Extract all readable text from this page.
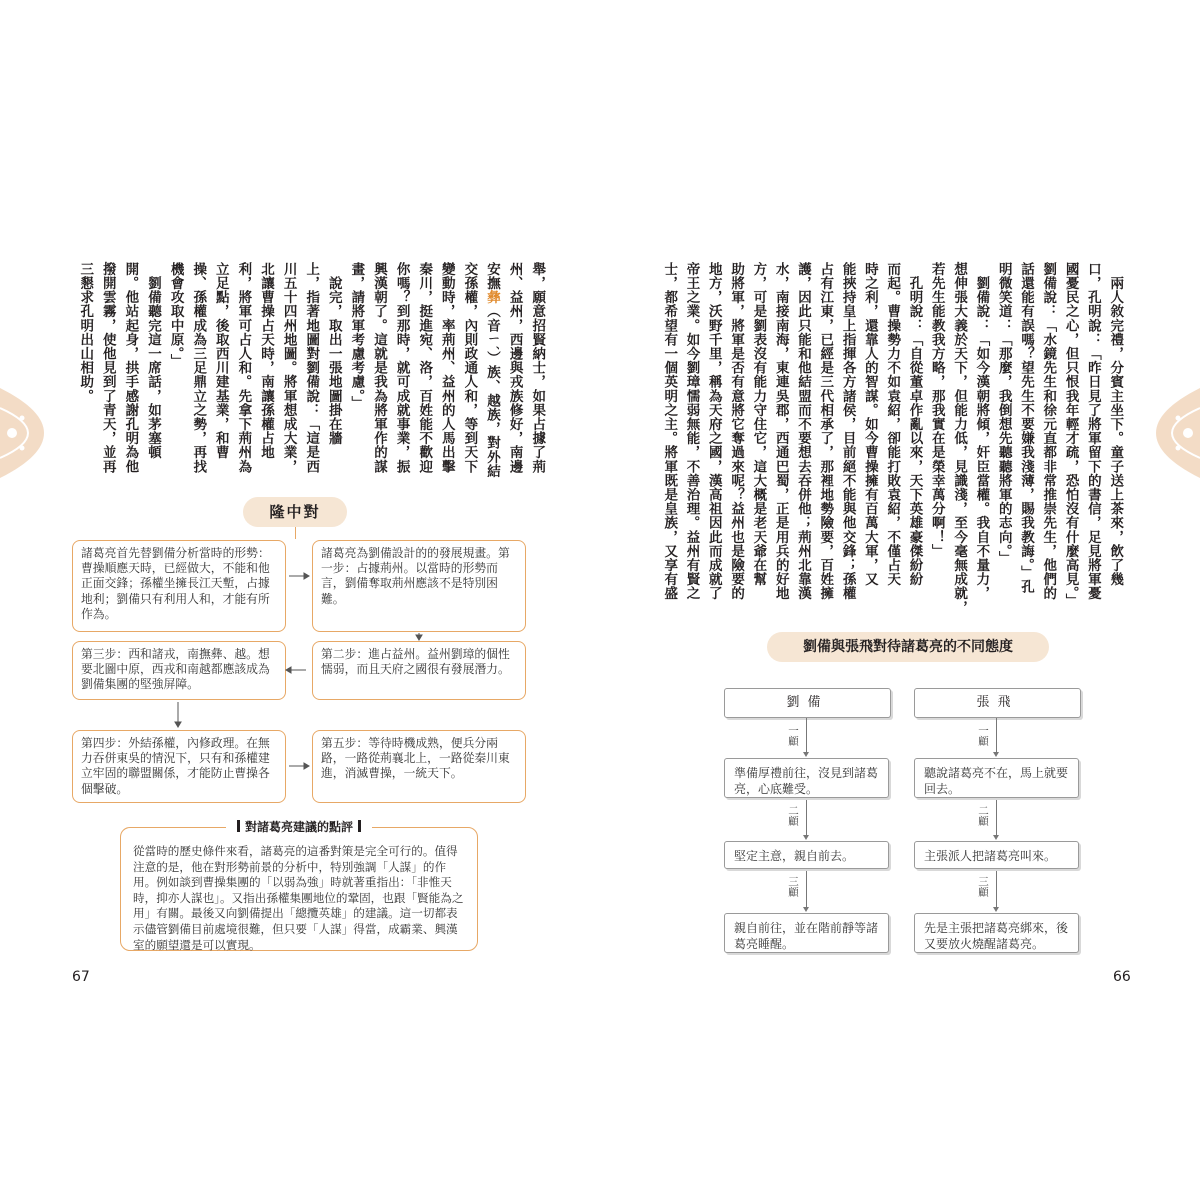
舉，願意招賢納士，如果占據了荊
州、益州，西邊與戎族修好，南邊
安撫彝（音ㄧˊ）族、越族，對外結
交孫權，內則政通人和，等到天下
變動時，率荊州、益州的人馬出擊
秦川，挺進宛、洛，百姓能不歡迎
你嗎？到那時，就可成就事業，振
興漢朝了。這就是我為將軍作的謀
畫，請將軍考慮考慮。」
　說完，取出一張地圖掛在牆
上，指著地圖對劉備說：「這是西
川五十四州地圖。將軍想成大業，
北讓曹操占天時，南讓孫權占地
利，將軍可占人和。先拿下荊州為
立足點，後取西川建基業，和曹
操、孫權成為三足鼎立之勢，再找
機會攻取中原。」
　劉備聽完這一席話，如茅塞頓
開。他站起身，拱手感謝孔明為他
撥開雲霧，使他見到了青天，並再
三懇求孔明出山相助。
隆中對
諸葛亮首先替劉備分析當時的形勢：曹操順應天時，已經做大，不能和他正面交鋒；孫權坐擁長江天塹，占據地利；劉備只有利用人和，才能有所作為。
諸葛亮為劉備設計的的發展規畫。第一步：占據荊州。以當時的形勢而言，劉備奪取荊州應該不是特別困難。
第二步：進占益州。益州劉璋的個性懦弱，而且天府之國很有發展潛力。
第三步：西和諸戎，南撫彝、越。想要北圖中原，西戎和南越都應該成為劉備集團的堅強屏障。
第四步：外結孫權，內修政理。在無力吞併東吳的情況下，只有和孫權建立牢固的聯盟關係，才能防止曹操各個擊破。
第五步：等待時機成熟，便兵分兩路，一路從荊襄北上，一路從秦川東進，消滅曹操，一統天下。
從當時的歷史條件來看，諸葛亮的這番對策是完全可行的。值得注意的是，他在對形勢前景的分析中，特別強調「人謀」的作用。例如談到曹操集團的「以弱為強」時就著重指出：「非惟天時，抑亦人謀也」。又指出孫權集團地位的鞏固，也跟「賢能為之用」有關。最後又向劉備提出「總攬英雄」的建議。這一切都表示儘管劉備目前處境很難，但只要「人謀」得當，成霸業、興漢室的願望還是可以實現。
對諸葛亮建議的點評
67
　兩人敘完禮，分賓主坐下。童子送上茶來，飲了幾
口，孔明說：「昨日見了將軍留下的書信，足見將軍憂
國憂民之心，但只恨我年輕才疏，恐怕沒有什麼高見。」
劉備說：「水鏡先生和徐元直都非常推崇先生，他們的
話還能有誤嗎？望先生不要嫌我淺薄，賜我教誨。」孔
明微笑道：「那麼，我倒想先聽聽將軍的志向。」
　劉備說：「如今漢朝將傾，奸臣當權。我自不量力，
想伸張大義於天下，但能力低，見識淺，至今毫無成就，
若先生能教我方略，那我實在是榮幸萬分啊！」
　孔明說：「自從董卓作亂以來，天下英雄豪傑紛紛
而起。曹操勢力不如袁紹，卻能打敗袁紹，不僅占天
時之利，還靠人的智謀。如今曹操擁有百萬大軍，又
能挾持皇上指揮各方諸侯，目前絕不能與他交鋒；孫權
占有江東，已經是三代相承了，那裡地勢險要，百姓擁
護，因此只能和他結盟而不要想去吞併他；荊州北靠漢
水，南接南海，東連吳郡，西通巴蜀，正是用兵的好地
方，可是劉表沒有能力守住它，這大概是老天爺在幫
助將軍，將軍是否有意將它奪過來呢？益州也是險要的
地方，沃野千里，稱為天府之國，漢高祖因此而成就了
帝王之業。如今劉璋懦弱無能，不善治理。益州有賢之
士，都希望有一個英明之主。將軍既是皇族，又享有盛
劉備與張飛對待諸葛亮的不同態度
劉備	張飛
一顧
準備厚禮前往，沒見到諸葛亮，心底難受。
二顧
堅定主意，親自前去。
三顧
親自前往，並在階前靜等諸葛亮睡醒。
一顧
聽說諸葛亮不在，馬上就要回去。
二顧
主張派人把諸葛亮叫來。
三顧
先是主張把諸葛亮綁來，後又要放火燒醒諸葛亮。
66
